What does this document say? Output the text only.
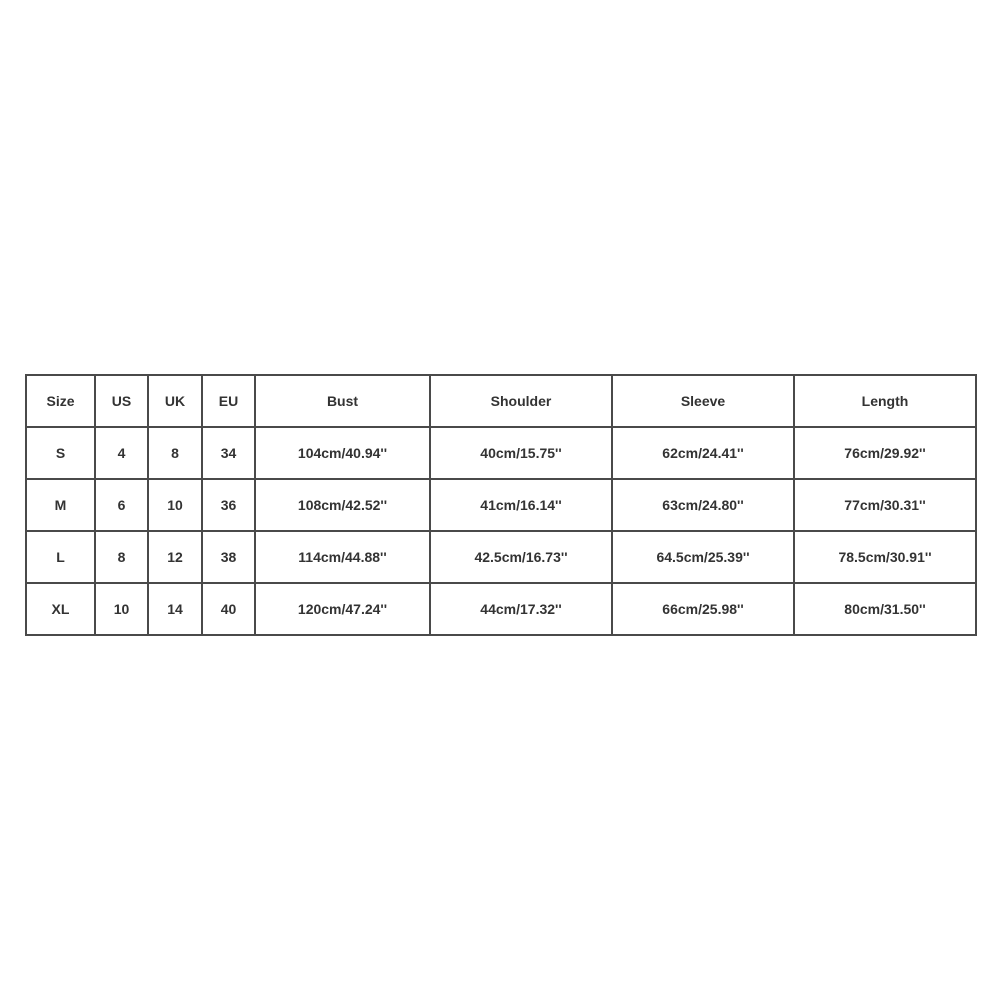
Size	US	UK	EU	Bust	Shoulder	Sleeve	Length
S	4	8	34	104cm/40.94''	40cm/15.75''	62cm/24.41''	76cm/29.92''
M	6	10	36	108cm/42.52''	41cm/16.14''	63cm/24.80''	77cm/30.31''
L	8	12	38	114cm/44.88''	42.5cm/16.73''	64.5cm/25.39''	78.5cm/30.91''
XL	10	14	40	120cm/47.24''	44cm/17.32''	66cm/25.98''	80cm/31.50''
